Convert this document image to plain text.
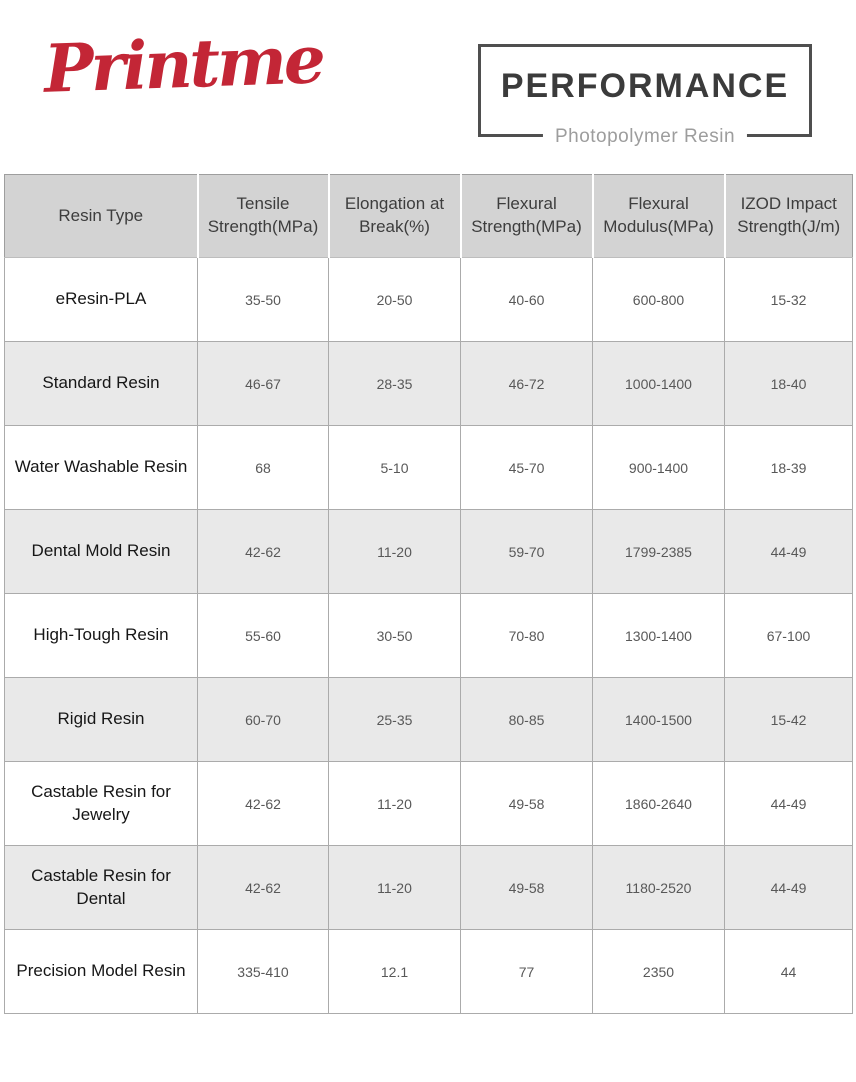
Printme	PERFORMANCE
Photopolymer Resin
Resin Type	Tensile Strength(MPa)	Elongation at Break(%)	Flexural Strength(MPa)	Flexural Modulus(MPa)	IZOD Impact Strength(J/m)
eResin-PLA	35-50	20-50	40-60	600-800	15-32
Standard Resin	46-67	28-35	46-72	1000-1400	18-40
Water Washable Resin	68	5-10	45-70	900-1400	18-39
Dental Mold Resin	42-62	11-20	59-70	1799-2385	44-49
High-Tough Resin	55-60	30-50	70-80	1300-1400	67-100
Rigid Resin	60-70	25-35	80-85	1400-1500	15-42
Castable Resin for Jewelry	42-62	11-20	49-58	1860-2640	44-49
Castable Resin for Dental	42-62	11-20	49-58	1180-2520	44-49
Precision Model Resin	335-410	12.1	77	2350	44
